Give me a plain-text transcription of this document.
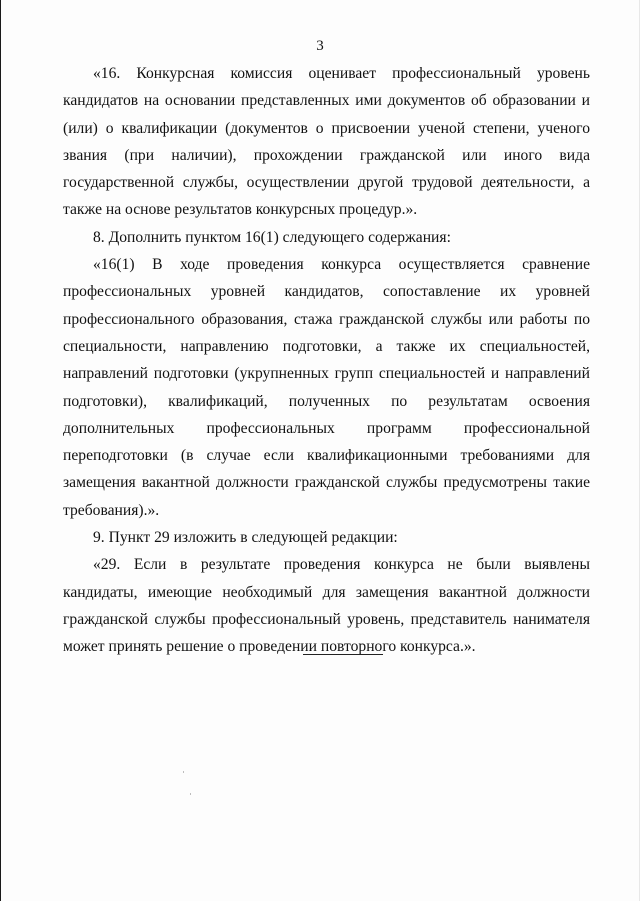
3

«16. Конкурсная комиссия оценивает профессиональный уровень кандидатов на основании представленных ими документов об образовании и (или) о квалификации (документов о присвоении ученой степени, ученого звания (при наличии), прохождении гражданской или иного вида государственной службы, осуществлении другой трудовой деятельности, а также на основе результатов конкурсных процедур.».

8. Дополнить пунктом 16(1) следующего содержания:

«16(1) В ходе проведения конкурса осуществляется сравнение профессиональных уровней кандидатов, сопоставление их уровней профессионального образования, стажа гражданской службы или работы по специальности, направлению подготовки, а также их специальностей, направлений подготовки (укрупненных групп специальностей и направлений подготовки), квалификаций, полученных по результатам освоения дополнительных профессиональных программ профессиональной переподготовки (в случае если квалификационными требованиями для замещения вакантной должности гражданской службы предусмотрены такие требования).».

9. Пункт 29 изложить в следующей редакции:

«29. Если в результате проведения конкурса не были выявлены кандидаты, имеющие необходимый для замещения вакантной должности гражданской службы профессиональный уровень, представитель нанимателя может принять решение о проведении повторного конкурса.».
